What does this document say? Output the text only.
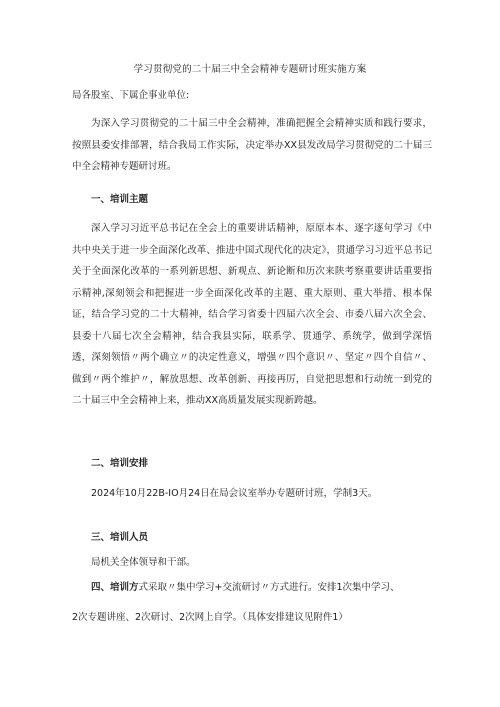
学习贯彻党的二十届三中全会精神专题研讨班实施方案
局各股室、下属企事业单位:

为深入学习贯彻党的二十届三中全会精神，准确把握全会精神实质和践行要求，按照县委安排部署，结合我局工作实际，决定举办XX县发改局学习贯彻党的二十届三中全会精神专题研讨班。

一、培训主题

深入学习习近平总书记在全会上的重要讲话精神，原原本本、逐字逐句学习《中共中央关于进一步全面深化改革、推进中国式现代化的决定》，贯通学习习近平总书记关于全面深化改革的一系列新思想、新观点、新论断和历次来陕考察重要讲话重要指示精神,深刻领会和把握进一步全面深化改革的主题、重大原则、重大举措、根本保证，结合学习党的二十大精神，结合学习省委十四届六次全会、市委八届六次全会、县委十八届七次全会精神，结合我县实际，联系学、贯通学、系统学，做到学深悟透，深刻领悟〃两个确立〃的决定性意义，增强〃四个意识〃、坚定〃四个自信〃、做到〃两个维护〃，解放思想、改革创新、再接再厉，自觉把思想和行动统一到党的二十届三中全会精神上来，推动XX高质量发展实现新跨越。

二、培训安排
2024年10月22B-IO月24日在局会议室举办专题研讨班，学制3天。
三、培训人员
局机关全体领导和干部。
四、培训方式采取〃集中学习+交流研讨〃方式进行。安排1次集中学习、
2次专题讲座、2次研讨、2次网上自学。（具体安排建议见附件1）
